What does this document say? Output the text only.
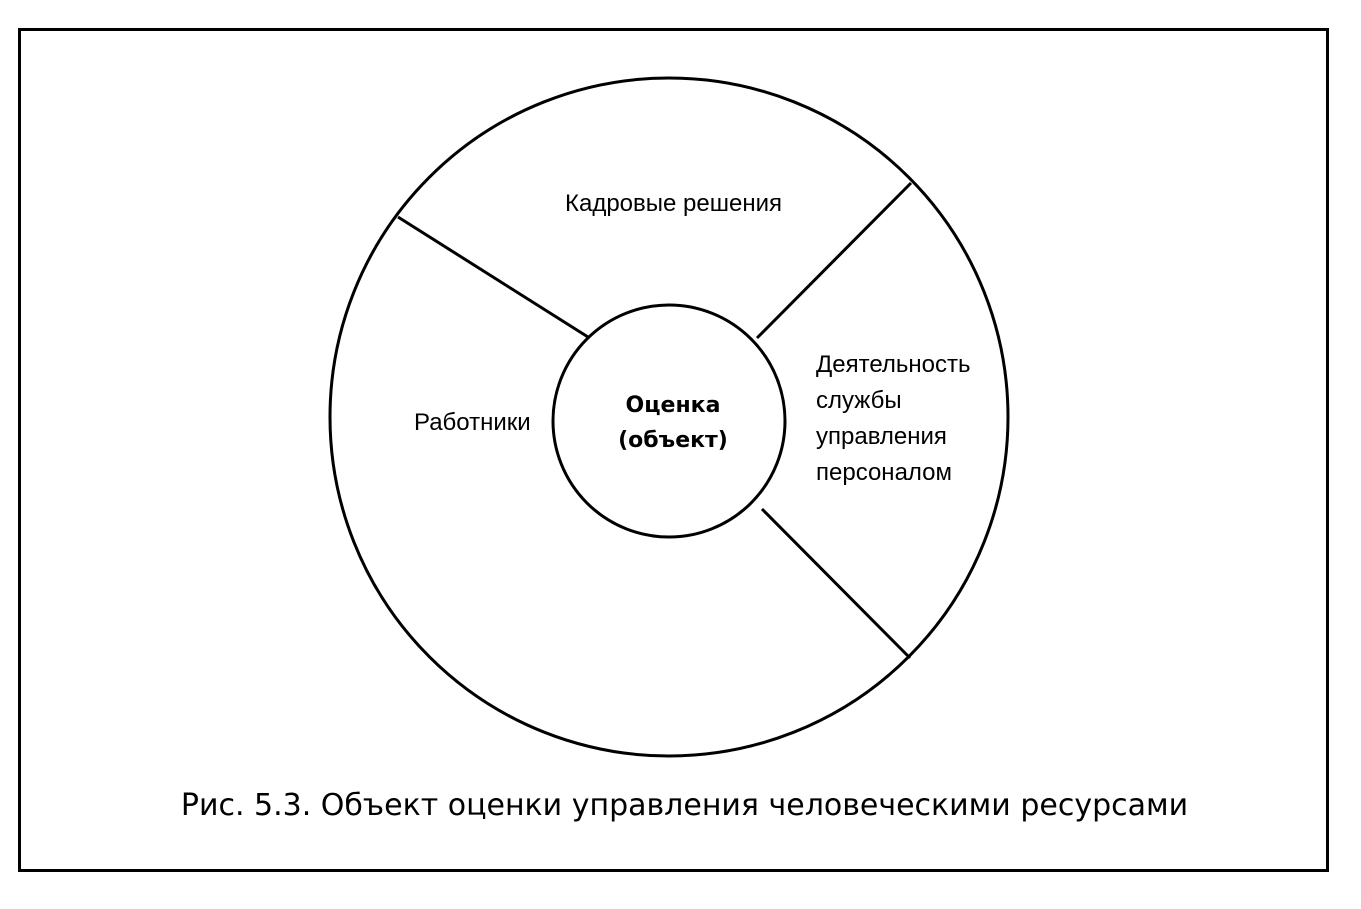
Кадровые решения
Работники
Деятельность
службы
управления
персоналом
Оценка
(объект)
Рис. 5.3. Объект оценки управления человеческими ресурсами
